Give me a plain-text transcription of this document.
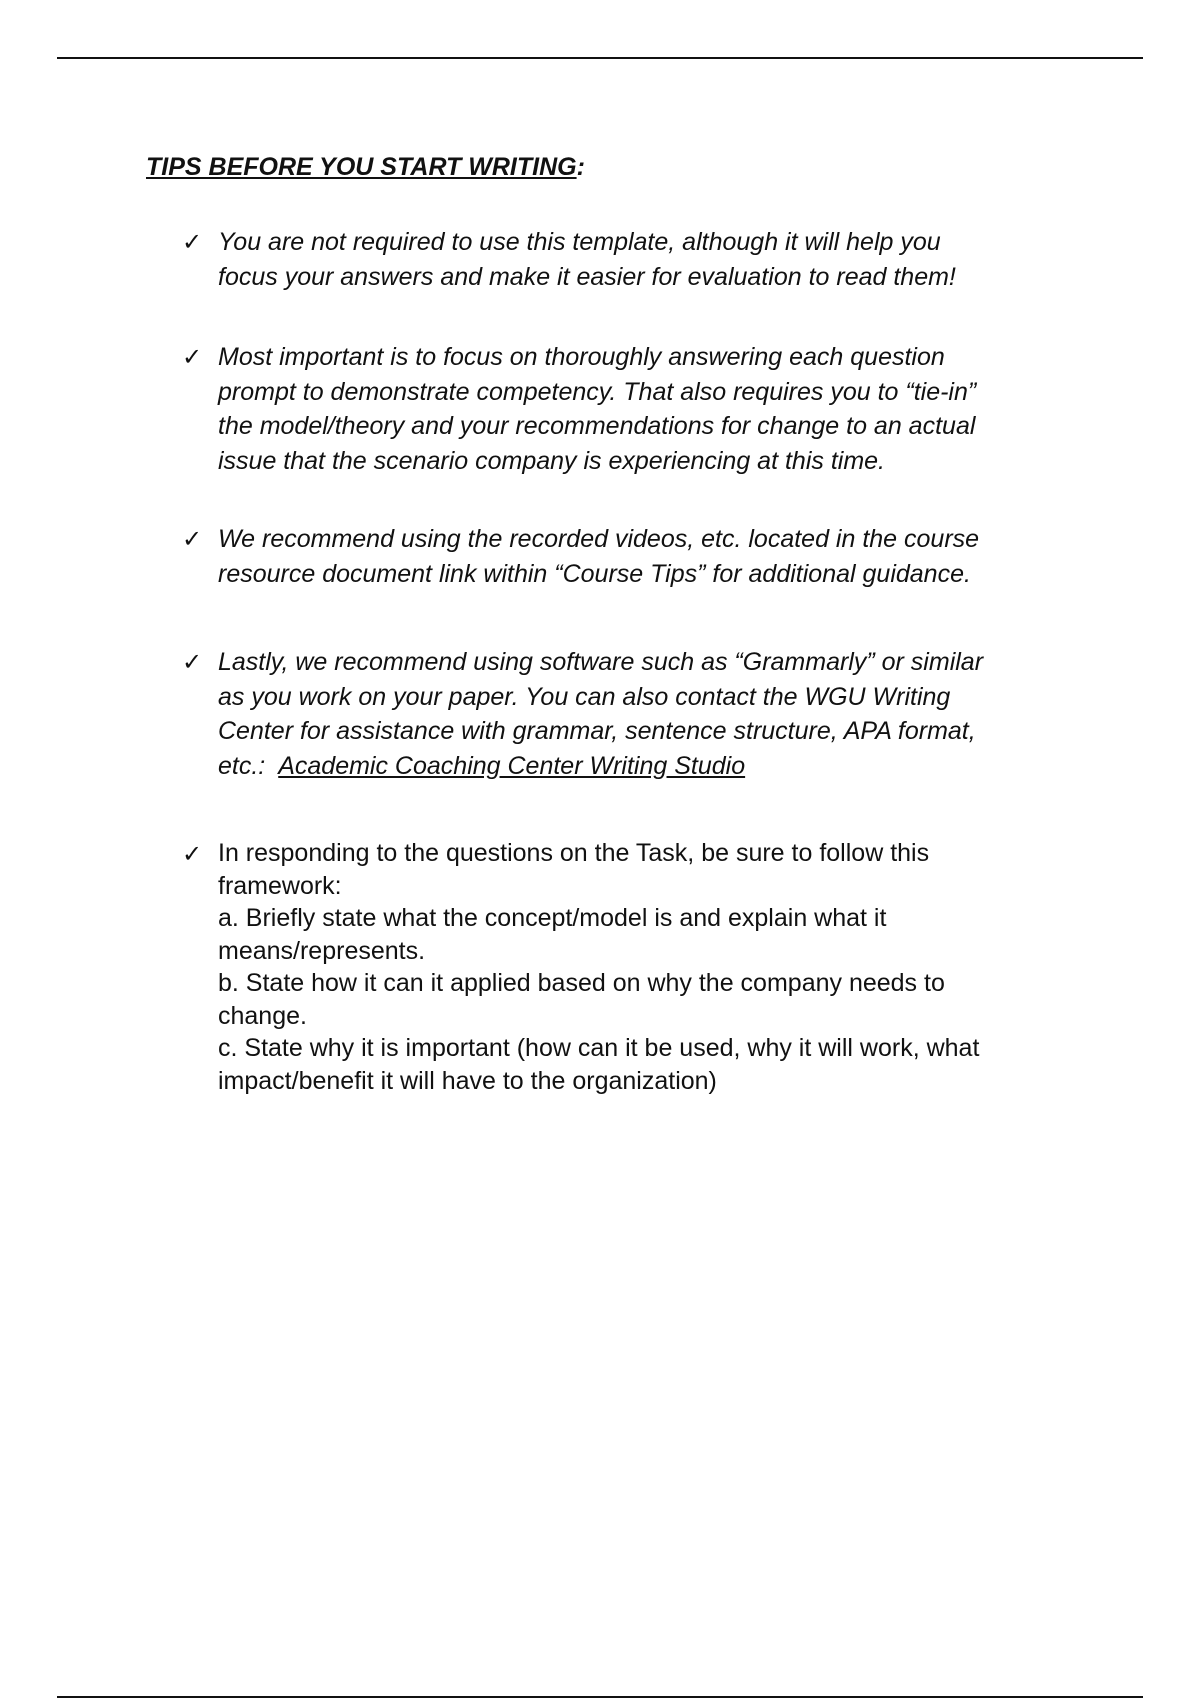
TIPS BEFORE YOU START WRITING:
✓ You are not required to use this template, although it will help you
focus your answers and make it easier for evaluation to read them!
✓ Most important is to focus on thoroughly answering each question
prompt to demonstrate competency. That also requires you to “tie-in”
the model/theory and your recommendations for change to an actual
issue that the scenario company is experiencing at this time.
✓ We recommend using the recorded videos, etc. located in the course
resource document link within “Course Tips” for additional guidance.
✓ Lastly, we recommend using software such as “Grammarly” or similar
as you work on your paper. You can also contact the WGU Writing
Center for assistance with grammar, sentence structure, APA format,
etc.:  Academic Coaching Center Writing Studio
✓ In responding to the questions on the Task, be sure to follow this
framework:
a. Briefly state what the concept/model is and explain what it
means/represents.
b. State how it can it applied based on why the company needs to
change.
c. State why it is important (how can it be used, why it will work, what
impact/benefit it will have to the organization)
